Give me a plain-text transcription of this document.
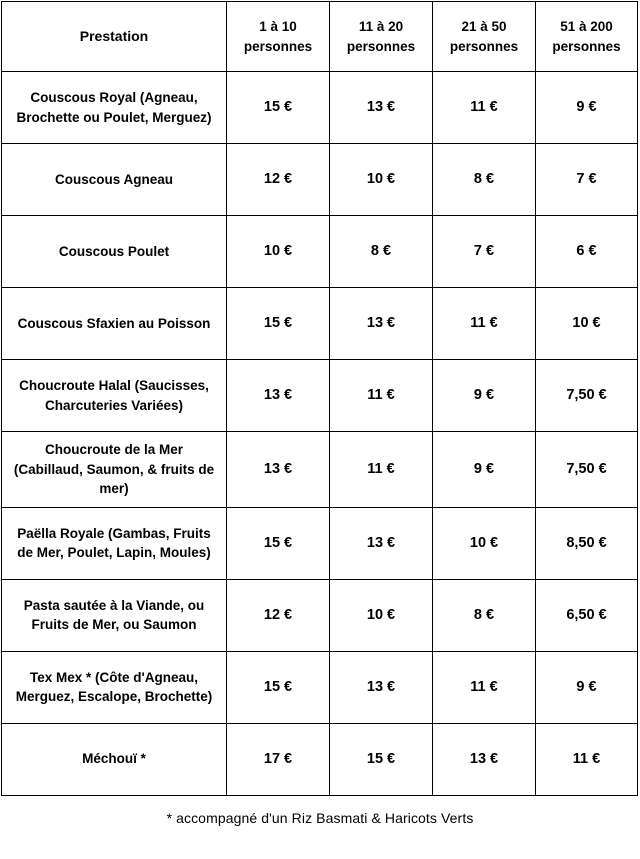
Prestation	1 à 10 personnes	11 à 20 personnes	21 à 50 personnes	51 à 200 personnes
Couscous Royal (Agneau, Brochette ou Poulet, Merguez)	15 €	13 €	11 €	9 €
Couscous Agneau	12 €	10 €	8 €	7 €
Couscous Poulet	10 €	8 €	7 €	6 €
Couscous Sfaxien au Poisson	15 €	13 €	11 €	10 €
Choucroute Halal (Saucisses, Charcuteries Variées)	13 €	11 €	9 €	7,50 €
Choucroute de la Mer (Cabillaud, Saumon, & fruits de mer)	13 €	11 €	9 €	7,50 €
Paëlla Royale (Gambas, Fruits de Mer, Poulet, Lapin, Moules)	15 €	13 €	10 €	8,50 €
Pasta sautée à la Viande, ou Fruits de Mer, ou Saumon	12 €	10 €	8 €	6,50 €
Tex Mex * (Côte d'Agneau, Merguez, Escalope, Brochette)	15 €	13 €	11 €	9 €
Méchouï *	17 €	15 €	13 €	11 €
* accompagné d'un Riz Basmati & Haricots Verts
